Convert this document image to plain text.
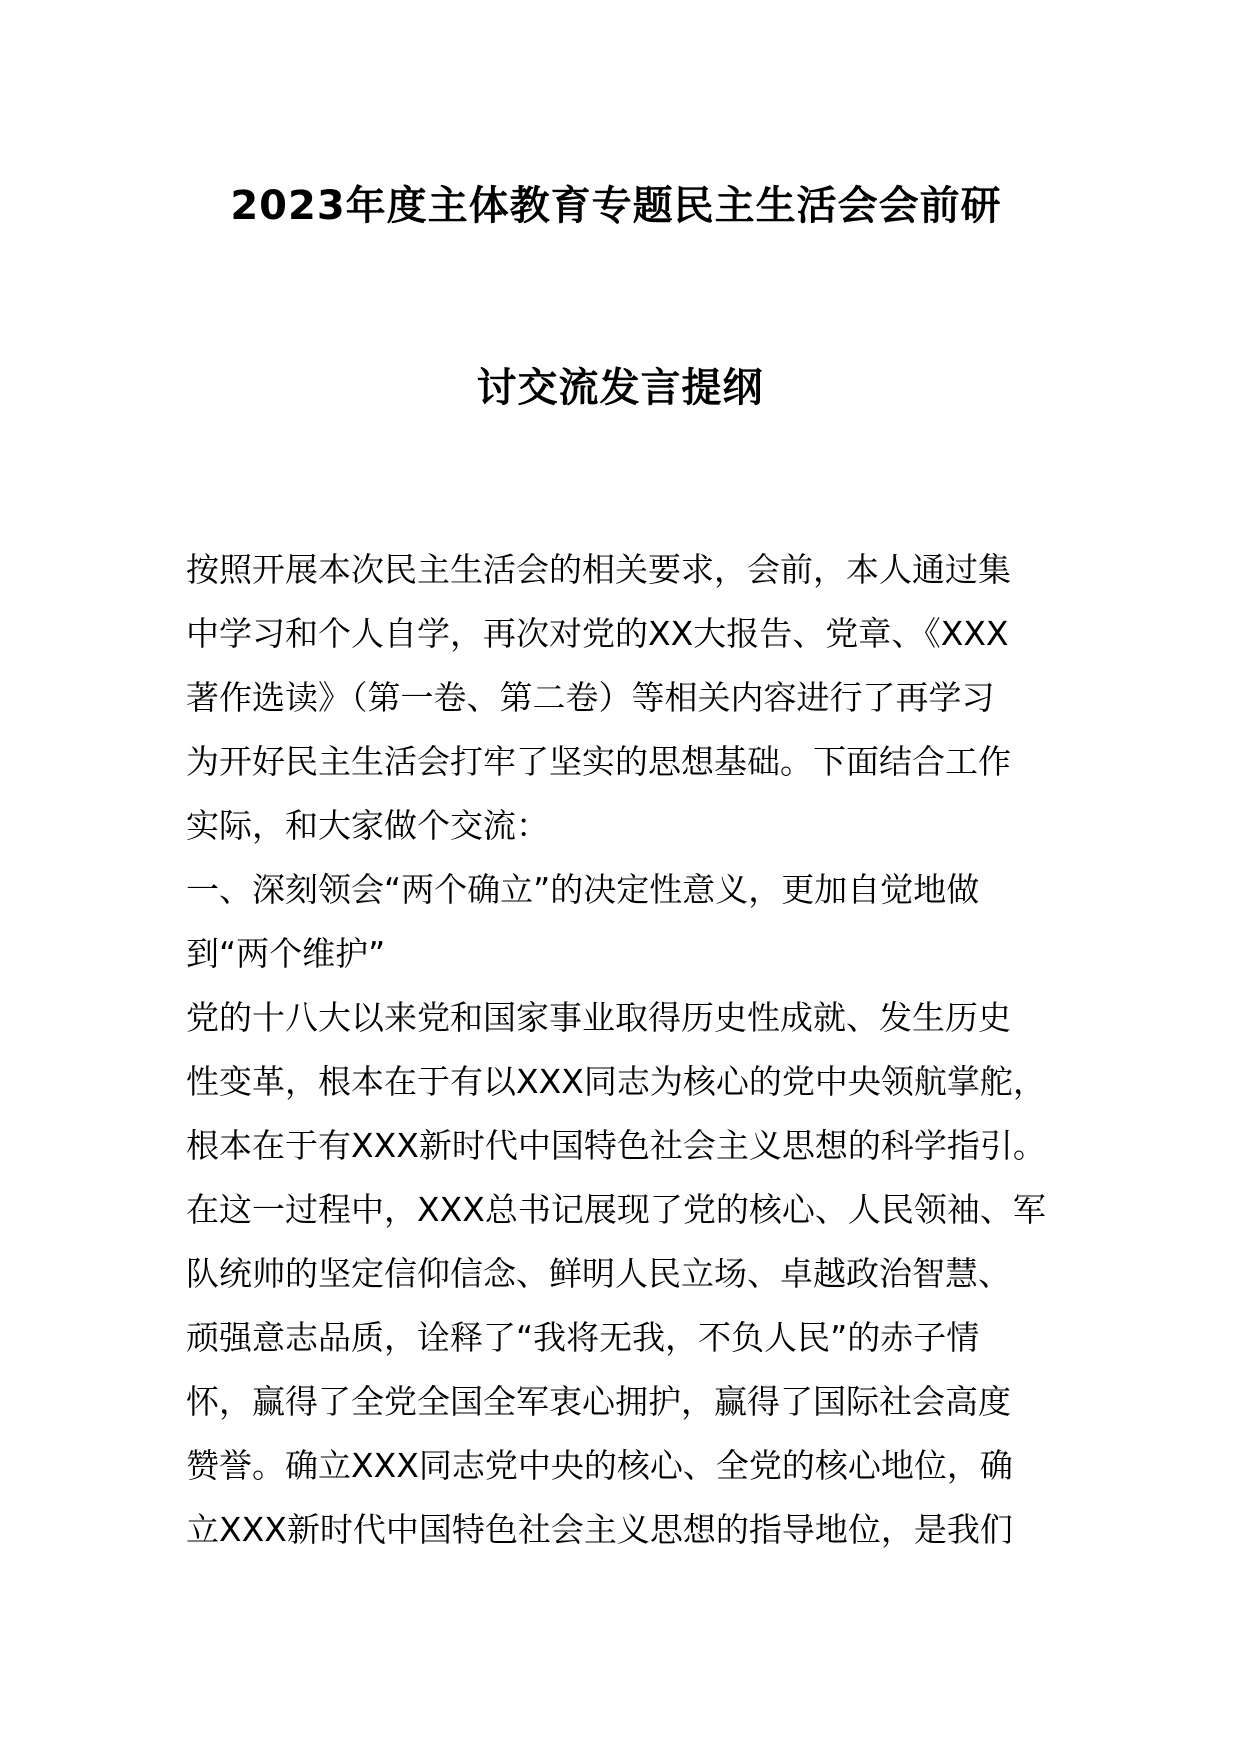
2023年度主体教育专题民主生活会会前研
讨交流发言提纲
按照开展本次民主生活会的相关要求，会前，本人通过集
中学习和个人自学，再次对党的XX大报告、党章、《XXX
著作选读》（第一卷、第二卷）等相关内容进行了再学习
为开好民主生活会打牢了坚实的思想基础。下面结合工作
实际，和大家做个交流：
一、深刻领会“两个确立”的决定性意义，更加自觉地做
到“两个维护”
党的十八大以来党和国家事业取得历史性成就、发生历史
性变革，根本在于有以XXX同志为核心的党中央领航掌舵，
根本在于有XXX新时代中国特色社会主义思想的科学指引。
在这一过程中，XXX总书记展现了党的核心、人民领袖、军
队统帅的坚定信仰信念、鲜明人民立场、卓越政治智慧、
顽强意志品质，诠释了“我将无我，不负人民”的赤子情
怀，赢得了全党全国全军衷心拥护，赢得了国际社会高度
赞誉。确立XXX同志党中央的核心、全党的核心地位，确
立XXX新时代中国特色社会主义思想的指导地位，是我们
